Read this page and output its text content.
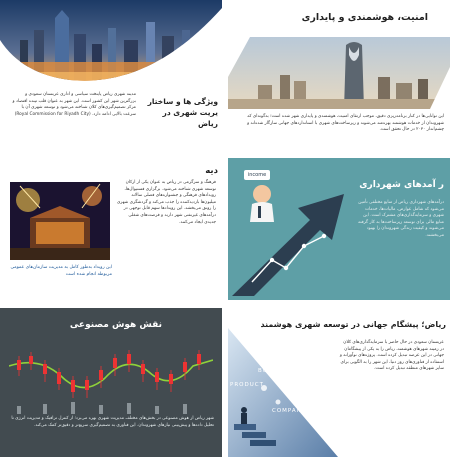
مدینه شهری ریاض پایتخت سیاسی و اداری عربستان سعودی و بزرگترین شهر این کشور است. این شهر به عنوان قلب تپنده اقتصاد و مرکز تصمیم‌گیری‌های کلان شناخته می‌شود و توسعه شهری آن با سرعت بالایی ادامه دارد. (Royal Commission for Riyadh City)

ویژگی ها و ساختار
یریت شهری در ریاض
امنیت، هوشمندی و پایداری

این توانایی‌ها در کنار برنامه‌ریزی دقیق، موجب ارتقای امنیت، هوشمندی و پایداری شهر شده است؛ به‌گونه‌ای که شهروندان از خدمات هوشمند بهره‌مند می‌شوند و زیرساخت‌های شهری با استانداردهای جهانی سازگار شده‌اند و چشم‌انداز ۲۰۳۰ در حال تحقق است.

دیه

فرهنگ و سرگرمی در ریاض به عنوان یکی از ارکان توسعه شهری شناخته می‌شود. برگزاری فستیوال‌ها، رویدادهای فرهنگی و جشنواره‌های فصلی سالانه میلیون‌ها بازدیدکننده را جذب می‌کند و گردشگری شهری را رونق می‌بخشد. این رویدادها سهم قابل توجهی در درآمدهای غیرنفتی شهر دارند و فرصت‌های شغلی جدیدی ایجاد می‌کنند.

این رویداد به‌طور کامل به مدیریت سازمان‌های عمومی مربوطه انجام شده است

income
ر آمدهای شهرداری

درآمدهای شهرداری ریاض از منابع مختلفی تأمین می‌شود که شامل عوارض، مالیات‌ها، خدمات شهری و سرمایه‌گذاری‌های مشترک است. این منابع مالی برای توسعه زیرساخت‌ها به کار گرفته می‌شوند و کیفیت زندگی شهروندان را بهبود می‌بخشند.

نقش هوش مصنوعی

شهر ریاض از هوش مصنوعی در بخش‌های مختلف مدیریت شهری بهره می‌برد؛ از کنترل ترافیک و مدیریت انرژی تا تحلیل داده‌ها و پیش‌بینی نیازهای شهروندان. این فناوری به تصمیم‌گیری سریع‌تر و دقیق‌تر کمک می‌کند.

PRODUCT
BUSINESS
COMPANY
ریاض؛ پیشگام جهانی در توسعه شهری هوشمند

عربستان سعودی در حال حاضر با سرمایه‌گذاری‌های کلان در زمینه شهرهای هوشمند، ریاض را به یکی از پیشگامان جهانی در این عرصه تبدیل کرده است. پروژه‌های نوآورانه و استفاده از فناوری‌های روز دنیا، این شهر را به الگویی برای سایر شهرهای منطقه تبدیل کرده است.
